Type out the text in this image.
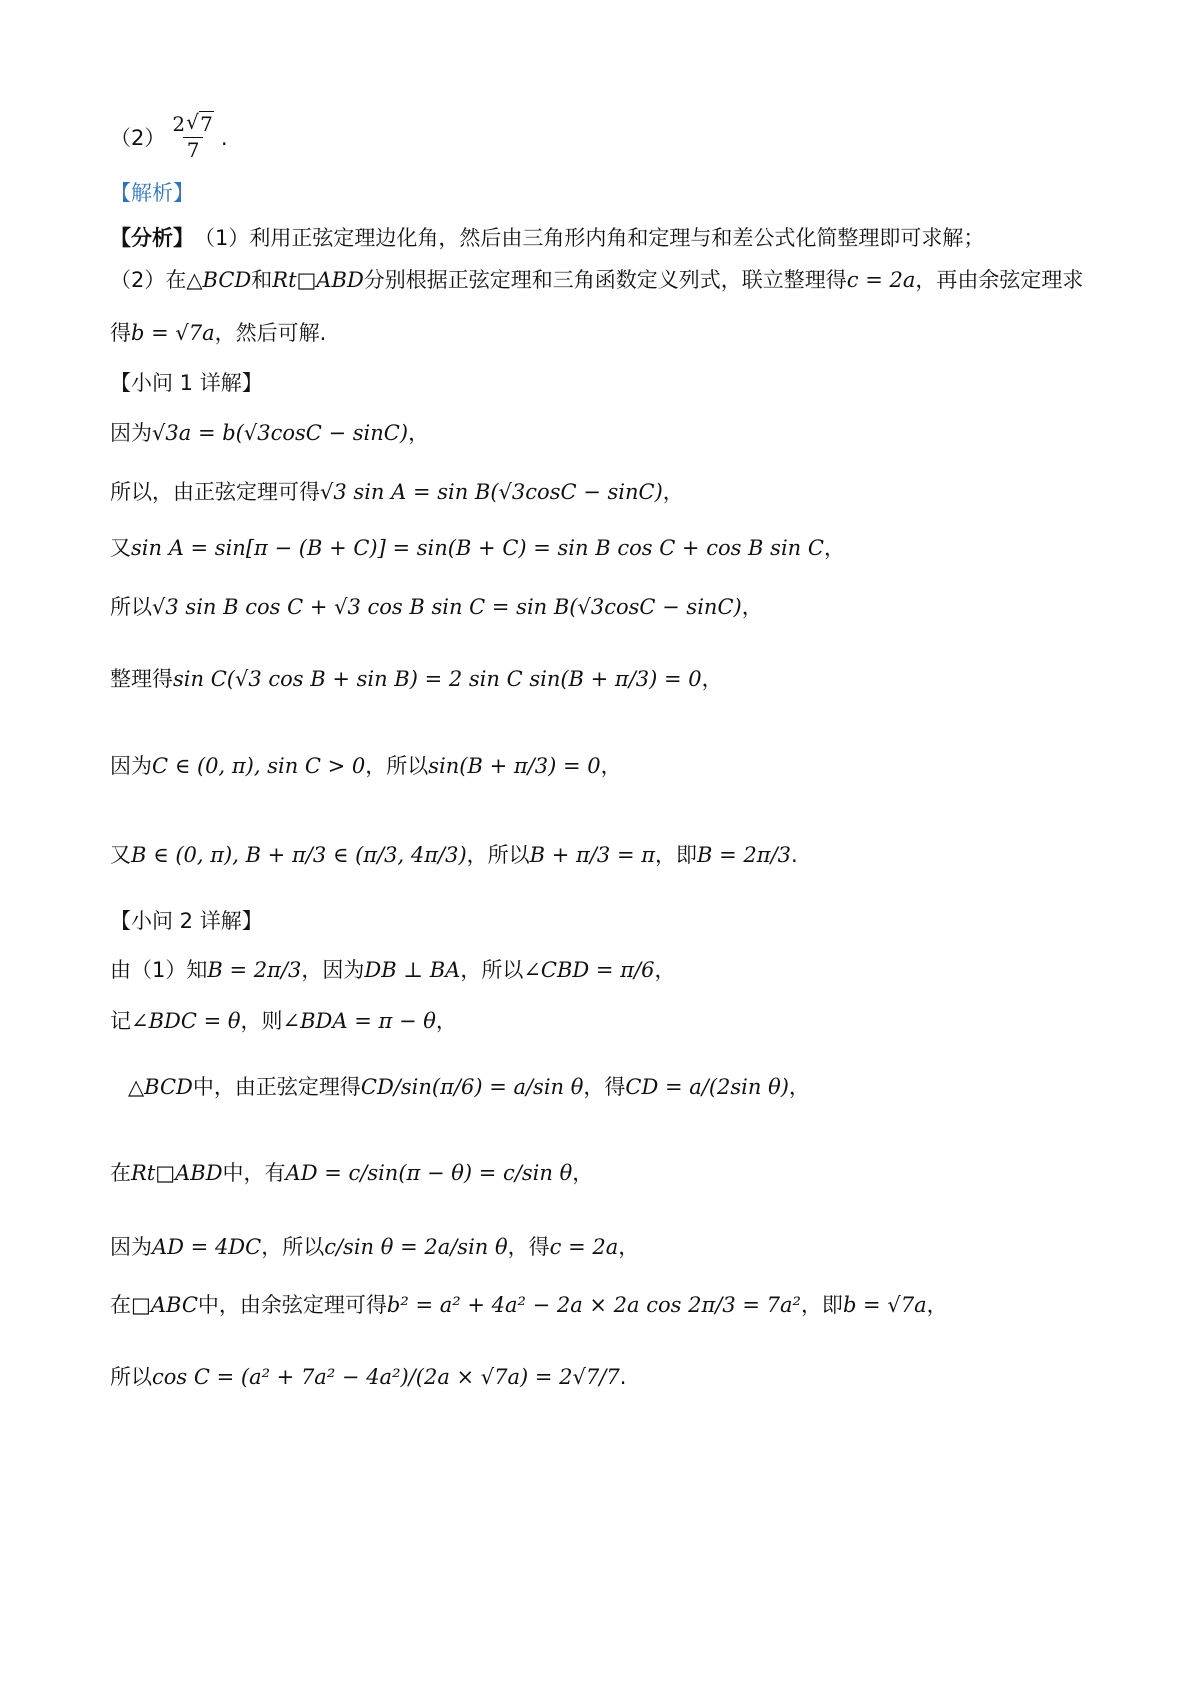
$(2) \frac{2√ 7}{7}$ .
【解析】
【分析】 （1）利用正弦定理边化角，然后由三角形内角和定理与和差公式化简整理即可求解；
（2）在 △BCD 和 Rt□ABD 分别根据正弦定理和三角函数定义列式，联立整理得 c = 2a ，再由余弦定理求
得 b = √7a ，然后可解.
【小问 1 详解】
因为 √3a = b(√3cosC − sinC) ，
所以，由正弦定理可得 √3 sin A = sin B(√3cosC − sinC) ，
又 sin A = sin[π − (B + C)] = sin(B + C) = sin B cos C + cos B sin C ，
所以 √3 sin B cos C + √3 cos B sin C = sin B(√3cosC − sinC) ，
整理得 sin C(√3 cos B + sin B) = 2 sin C sin(B + π/3) = 0 ，
因为 C ∈ (0, π), sin C > 0 ，所以 sin(B + π/3) = 0 ，
又 B ∈ (0, π), B + π/3 ∈ (π/3, 4π/3) ，所以 B + π/3 = π ，即 B = 2π/3 .
【小问 2 详解】
由（1）知 B = 2π/3 ，因为 DB ⊥ BA ，所以 ∠CBD = π/6 ，
记 ∠BDC = θ ，则 ∠BDA = π − θ ，
△BCD 中，由正弦定理得 CD/sin(π/6) = a/sin θ ，得 CD = a/(2sin θ) ，
在 Rt□ABD 中，有 AD = c/sin(π − θ) = c/sin θ ，
因为 AD = 4DC ，所以 c/sin θ = 2a/sin θ ，得 c = 2a ，
在 □ABC 中，由余弦定理可得 b² = a² + 4a² − 2a × 2a cos 2π/3 = 7a² ，即 b = √7a ，
所以 cos C = (a² + 7a² − 4a²)/(2a × √7a) = 2√7/7 .
